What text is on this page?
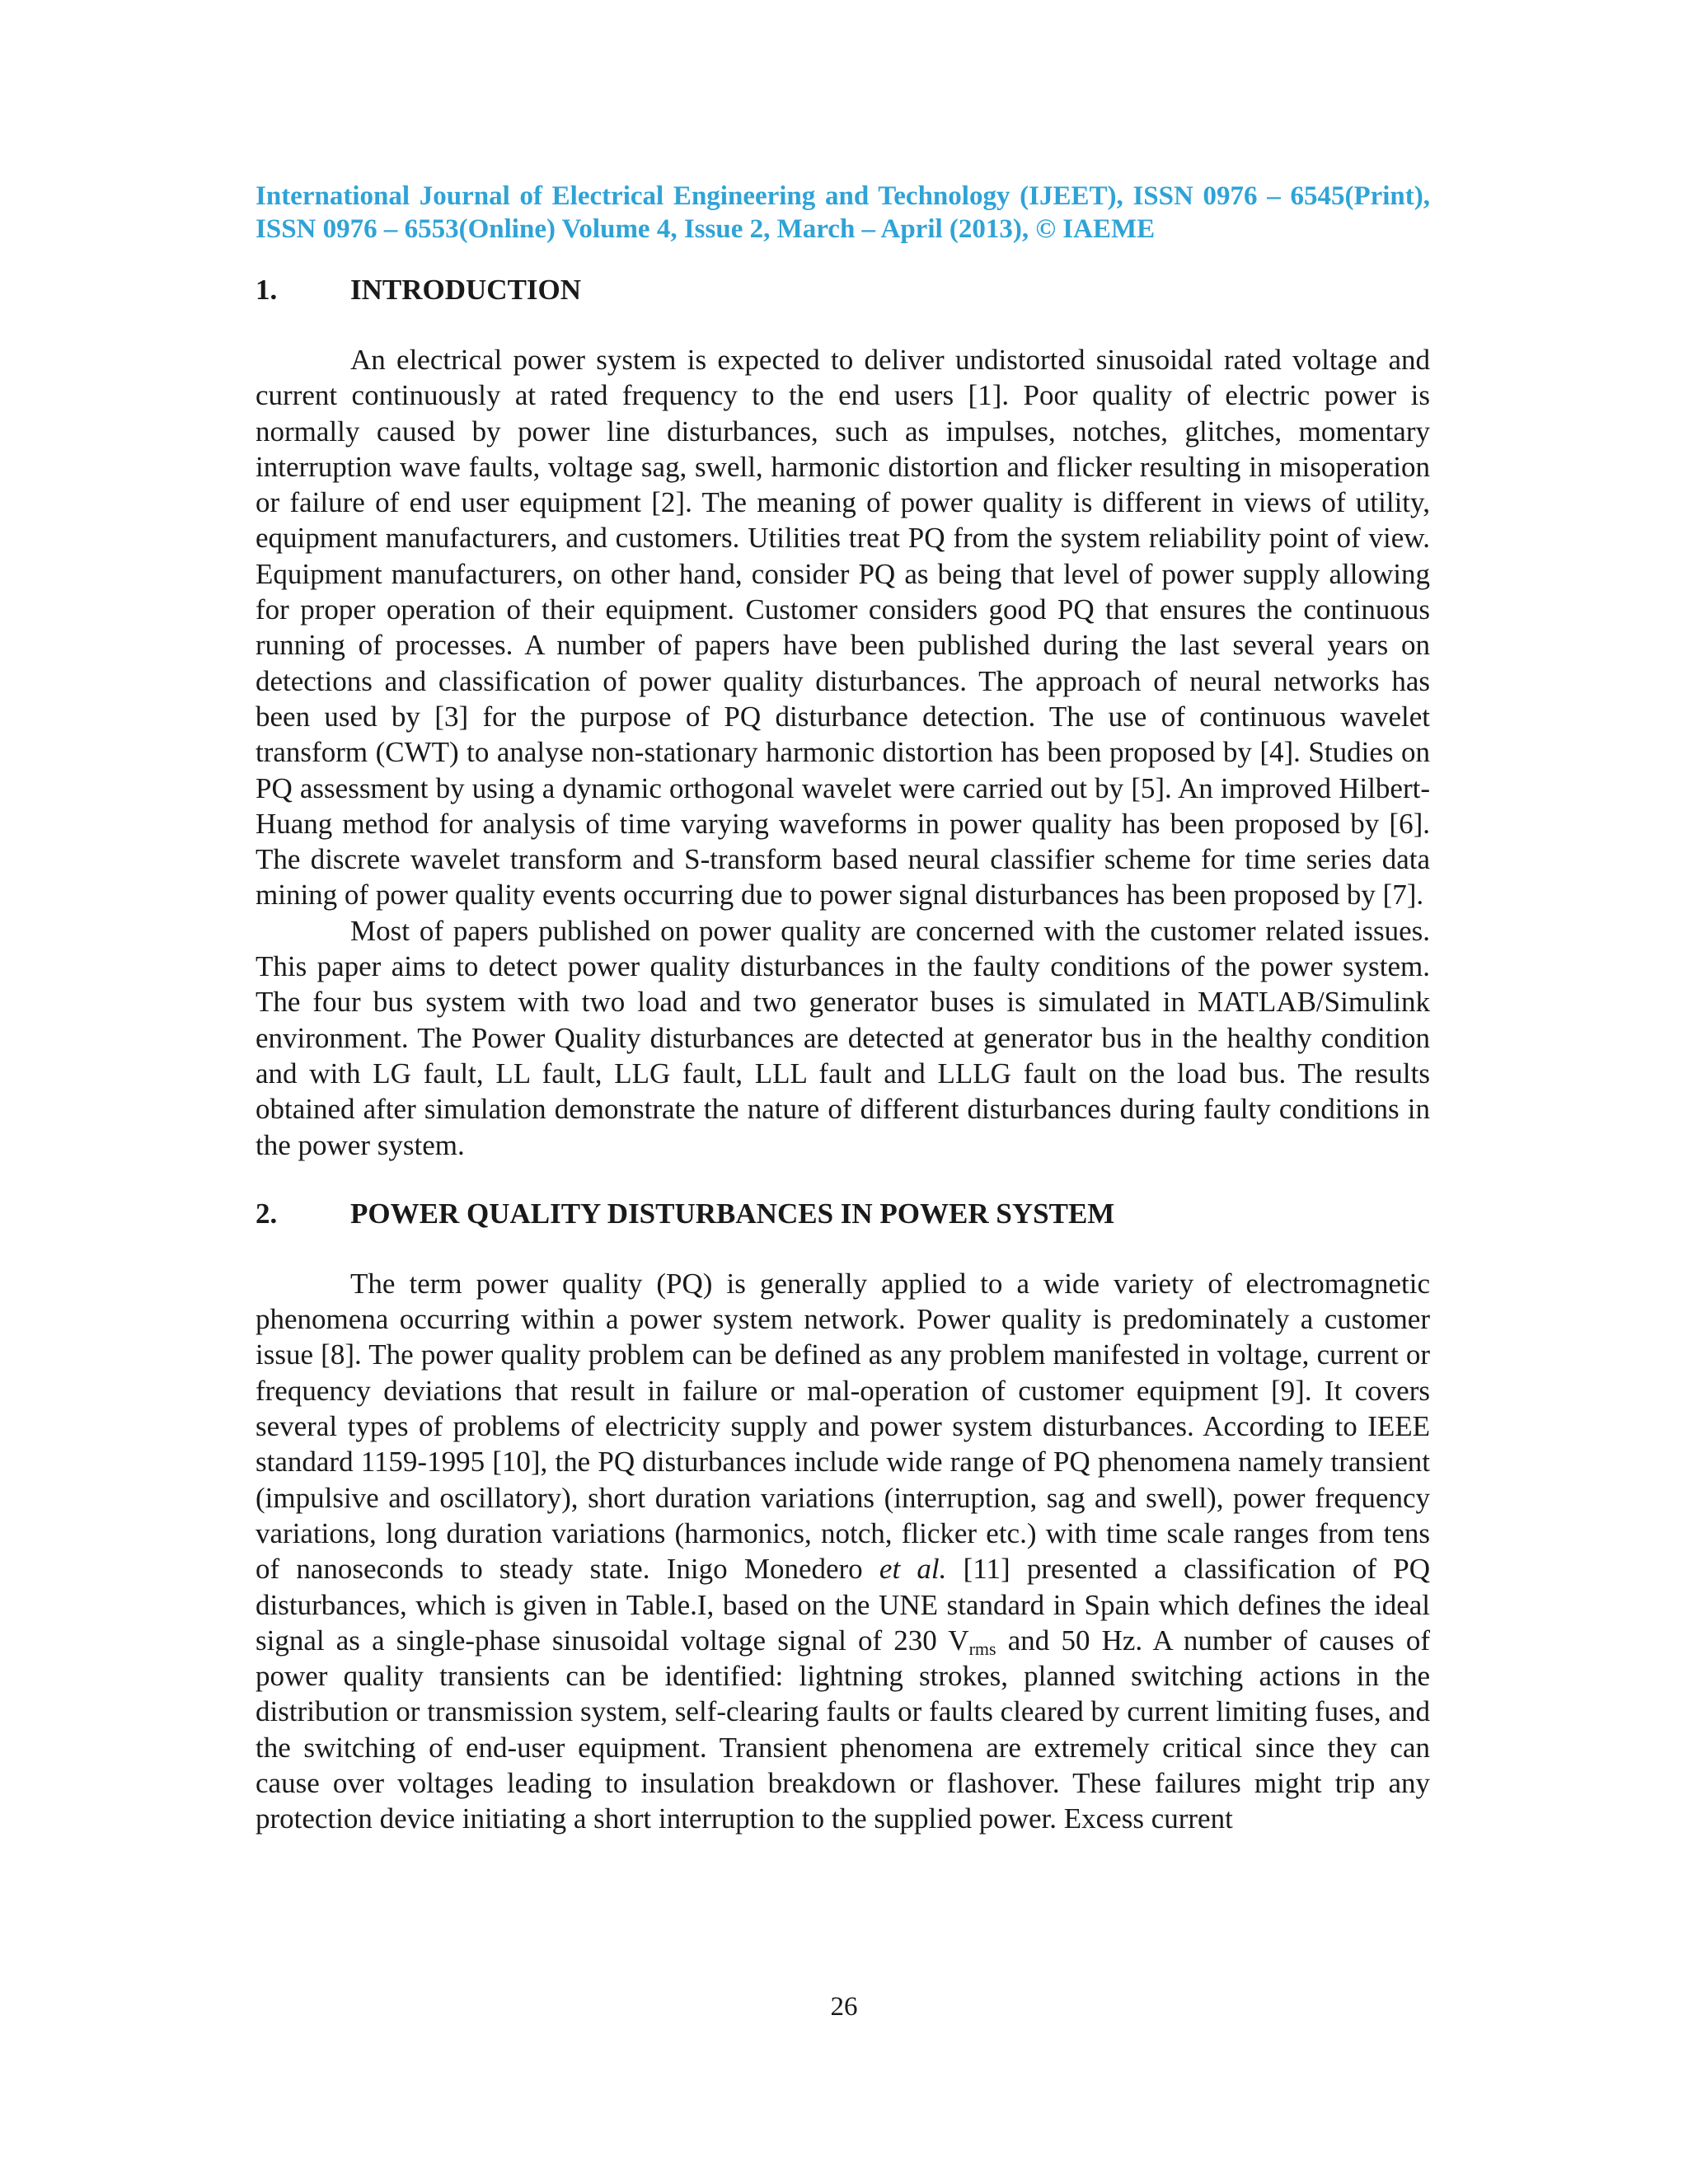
International Journal of Electrical Engineering and Technology (IJEET), ISSN 0976 – 6545(Print), ISSN 0976 – 6553(Online) Volume 4, Issue 2, March – April (2013), © IAEME

1.	INTRODUCTION

An electrical power system is expected to deliver undistorted sinusoidal rated voltage and current continuously at rated frequency to the end users [1]. Poor quality of electric power is normally caused by power line disturbances, such as impulses, notches, glitches, momentary interruption wave faults, voltage sag, swell, harmonic distortion and flicker resulting in misoperation or failure of end user equipment [2]. The meaning of power quality is different in views of utility, equipment manufacturers, and customers. Utilities treat PQ from the system reliability point of view. Equipment manufacturers, on other hand, consider PQ as being that level of power supply allowing for proper operation of their equipment. Customer considers good PQ that ensures the continuous running of processes. A number of papers have been published during the last several years on detections and classification of power quality disturbances. The approach of neural networks has been used by [3] for the purpose of PQ disturbance detection. The use of continuous wavelet transform (CWT) to analyse non-stationary harmonic distortion has been proposed by [4]. Studies on PQ assessment by using a dynamic orthogonal wavelet were carried out by [5]. An improved Hilbert-Huang method for analysis of time varying waveforms in power quality has been proposed by [6]. The discrete wavelet transform and S-transform based neural classifier scheme for time series data mining of power quality events occurring due to power signal disturbances has been proposed by [7].

Most of papers published on power quality are concerned with the customer related issues. This paper aims to detect power quality disturbances in the faulty conditions of the power system. The four bus system with two load and two generator buses is simulated in MATLAB/Simulink environment. The Power Quality disturbances are detected at generator bus in the healthy condition and with LG fault, LL fault, LLG fault, LLL fault and LLLG fault on the load bus. The results obtained after simulation demonstrate the nature of different disturbances during faulty conditions in the power system.

2.	POWER QUALITY DISTURBANCES IN POWER SYSTEM

The term power quality (PQ) is generally applied to a wide variety of electromagnetic phenomena occurring within a power system network. Power quality is predominately a customer issue [8]. The power quality problem can be defined as any problem manifested in voltage, current or frequency deviations that result in failure or mal-operation of customer equipment [9]. It covers several types of problems of electricity supply and power system disturbances. According to IEEE standard 1159-1995 [10], the PQ disturbances include wide range of PQ phenomena namely transient (impulsive and oscillatory), short duration variations (interruption, sag and swell), power frequency variations, long duration variations (harmonics, notch, flicker etc.) with time scale ranges from tens of nanoseconds to steady state. Inigo Monedero et al. [11] presented a classification of PQ disturbances, which is given in Table.I, based on the UNE standard in Spain which defines the ideal signal as a single-phase sinusoidal voltage signal of 230 $V_{rms}$ and 50 Hz. A number of causes of power quality transients can be identified: lightning strokes, planned switching actions in the distribution or transmission system, self-clearing faults or faults cleared by current limiting fuses, and the switching of end-user equipment. Transient phenomena are extremely critical since they can cause over voltages leading to insulation breakdown or flashover. These failures might trip any protection device initiating a short interruption to the supplied power. Excess current

26
